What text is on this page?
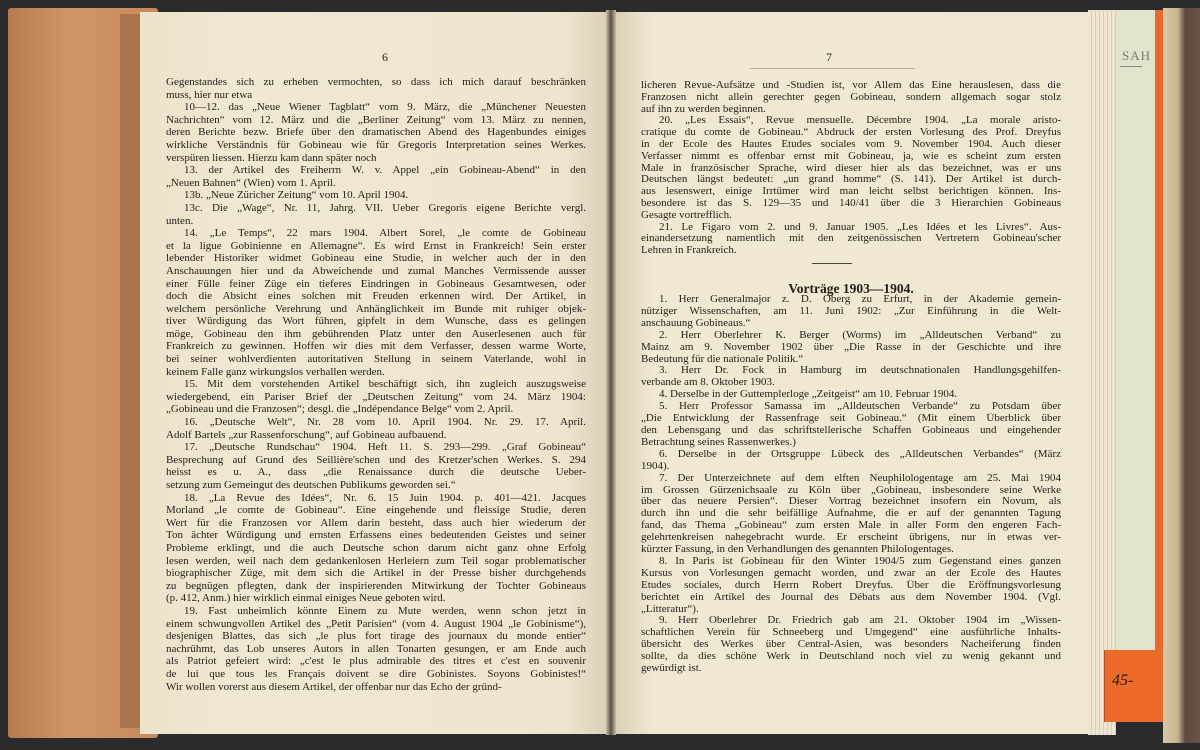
SAH
45-
6	7
Gegenstandes sich zu erheben vermochten, so dass ich mich darauf beschränken
muss, hier nur etwa
10—12. das „Neue Wiener Tagblatt“ vom 9. März, die „Münchener Neuesten
Nachrichten“ vom 12. März und die „Berliner Zeitung“ vom 13. März zu nennen,
deren Berichte bezw. Briefe über den dramatischen Abend des Hagenbundes einiges
wirkliche Verständnis für Gobineau wie für Gregoris Interpretation seines Werkes.
verspüren liessen. Hierzu kam dann später noch
13. der Artikel des Freiherrn W. v. Appel „ein Gobineau-Abend“ in den
„Neuen Bahnen“ (Wien) vom 1. April.
13b. „Neue Züricher Zeitung“ vom 10. April 1904.
13c. Die „Wage“, Nr. 11, Jahrg. VII. Ueber Gregoris eigene Berichte vergl.
unten.
14. „Le Temps“, 22 mars 1904. Albert Sorel, „le comte de Gobineau
et la ligue Gobinienne en Allemagne“. Es wird Ernst in Frankreich! Sein erster
lebender Historiker widmet Gobineau eine Studie, in welcher auch der in den
Anschauungen hier und da Abweichende und zumal Manches Vermissende ausser
einer Fülle feiner Züge ein tieferes Eindringen in Gobineaus Gesamtwesen, oder
doch die Absicht eines solchen mit Freuden erkennen wird. Der Artikel, in
welchem persönliche Verehrung und Anhänglichkeit im Bunde mit ruhiger objek-
tiver Würdigung das Wort führen, gipfelt in dem Wunsche, dass es gelingen
möge, Gobineau den ihm gebührenden Platz unter den Auserlesenen auch für
Frankreich zu gewinnen. Hoffen wir dies mit dem Verfasser, dessen warme Worte,
bei seiner wohlverdienten autoritativen Stellung in seinem Vaterlande, wohl in
keinem Falle ganz wirkungslos verhallen werden.
15. Mit dem vorstehenden Artikel beschäftigt sich, ihn zugleich auszugsweise
wiedergebend, ein Pariser Brief der „Deutschen Zeitung“ vom 24. März 1904:
„Gobineau und die Franzosen“; desgl. die „Indépendance Belge“ vom 2. April.
16. „Deutsche Welt“, Nr. 28 vom 10. April 1904. Nr. 29. 17. April.
Adolf Bartels „zur Rassenforschung“, auf Gobineau aufbauend.
17. „Deutsche Rundschau“ 1904. Heft 11. S. 293—299. „Graf Gobineau“
Besprechung auf Grund des Seillière'schen und des Kretzer'schen Werkes. S. 294
heisst es u. A., dass „die Renaissance durch die deutsche Ueber-
setzung zum Gemeingut des deutschen Publikums geworden sei.“
18. „La Revue des Idées“, Nr. 6. 15 Juin 1904. p. 401—421. Jacques
Morland „le comte de Gobineau“. Eine eingehende und fleissige Studie, deren
Wert für die Franzosen vor Allem darin besteht, dass auch hier wiederum der
Ton ächter Würdigung und ernsten Erfassens eines bedeutenden Geistes und seiner
Probleme erklingt, und die auch Deutsche schon darum nicht ganz ohne Erfolg
lesen werden, weil nach dem gedankenlosen Herleiern zum Teil sogar problematischer
biographischer Züge, mit dem sich die Artikel in der Presse bisher durchgehends
zu begnügen pflegten, dank der inspirierenden Mitwirkung der Tochter Gobineaus
(p. 412, Anm.) hier wirklich einmal einiges Neue geboten wird.
19. Fast unheimlich könnte Einem zu Mute werden, wenn schon jetzt in
einem schwungvollen Artikel des „Petit Parisien“ (vom 4. August 1904 „le Gobinisme“),
desjenigen Blattes, das sich „le plus fort tirage des journaux du monde entier“
nachrühmt, das Lob unseres Autors in allen Tonarten gesungen, er am Ende auch
als Patriot gefeiert wird: „c'est le plus admirable des titres et c'est en souvenir
de lui que tous les Français doivent se dire Gobinistes. Soyons Gobinistes!“
Wir wollen vorerst aus diesem Artikel, der offenbar nur das Echo der gründ-
licheren Revue-Aufsätze und -Studien ist, vor Allem das Eine herauslesen, dass die
Franzosen nicht allein gerechter gegen Gobineau, sondern allgemach sogar stolz
auf ihn zu werden beginnen.
20. „Les Essais“, Revue mensuelle. Décembre 1904. „La morale aristo-
cratique du comte de Gobineau.“ Abdruck der ersten Vorlesung des Prof. Dreyfus
in der Ecole des Hautes Etudes sociales vom 9. November 1904. Auch dieser
Verfasser nimmt es offenbar ernst mit Gobineau, ja, wie es scheint zum ersten
Male in französischer Sprache, wird dieser hier als das bezeichnet, was er uns
Deutschen längst bedeutet: „un grand homme“ (S. 141). Der Artikel ist durch-
aus lesenswert, einige Irrtümer wird man leicht selbst berichtigen können. Ins-
besondere ist das S. 129—35 und 140/41 über die 3 Hierarchien Gobineaus
Gesagte vortrefflich.
21. Le Figaro vom 2. und 9. Januar 1905. „Les Idées et les Livres“. Aus-
einandersetzung namentlich mit den zeitgenössischen Vertretern Gobineau'scher
Lehren in Frankreich.
Vorträge 1903—1904.
1. Herr Generalmajor z. D. Oberg zu Erfurt, in der Akademie gemein-
nütziger Wissenschaften, am 11. Juni 1902: „Zur Einführung in die Welt-
anschauung Gobineaus.“
2. Herr Oberlehrer K. Berger (Worms) im „Alldeutschen Verband“ zu
Mainz am 9. November 1902 über „Die Rasse in der Geschichte und ihre
Bedeutung für die nationale Politik.“
3. Herr Dr. Fock in Hamburg im deutschnationalen Handlungsgehilfen-
verbande am 8. Oktober 1903.
4. Derselbe in der Guttemplerloge „Zeitgeist“ am 10. Februar 1904.
5. Herr Professor Samassa im „Alldeutschen Verbande“ zu Potsdam über
„Die Entwicklung der Rassenfrage seit Gobineau.“ (Mit einem Überblick über
den Lebensgang und das schriftstellerische Schaffen Gobineaus und eingehender
Betrachtung seines Rassenwerkes.)
6. Derselbe in der Ortsgruppe Lübeck des „Alldeutschen Verbandes“ (März
1904).
7. Der Unterzeichnete auf dem elften Neuphilologentage am 25. Mai 1904
im Grossen Gürzenichsaale zu Köln über „Gobineau, insbesondere seine Werke
über das neuere Persien“. Dieser Vortrag bezeichnet insofern ein Novum, als
durch ihn und die sehr beifällige Aufnahme, die er auf der genannten Tagung
fand, das Thema „Gobineau“ zum ersten Male in aller Form den engeren Fach-
gelehrtenkreisen nahegebracht wurde. Er erscheint übrigens, nur in etwas ver-
kürzter Fassung, in den Verhandlungen des genannten Philologentages.
8. In Paris ist Gobineau für den Winter 1904/5 zum Gegenstand eines ganzen
Kursus von Vorlesungen gemacht worden, und zwar an der Ecole des Hautes
Etudes sociales, durch Herrn Robert Dreyfus. Über die Eröffnungsvorlesung
berichtet ein Artikel des Journal des Débats aus dem November 1904. (Vgl.
„Litteratur“).
9. Herr Oberlehrer Dr. Friedrich gab am 21. Oktober 1904 im „Wissen-
schaftlichen Verein für Schneeberg und Umgegend“ eine ausführliche Inhalts-
übersicht des Werkes über Central-Asien, was besonders Nacheiferung finden
sollte, da dies schöne Werk in Deutschland noch viel zu wenig gekannt und
gewürdigt ist.
